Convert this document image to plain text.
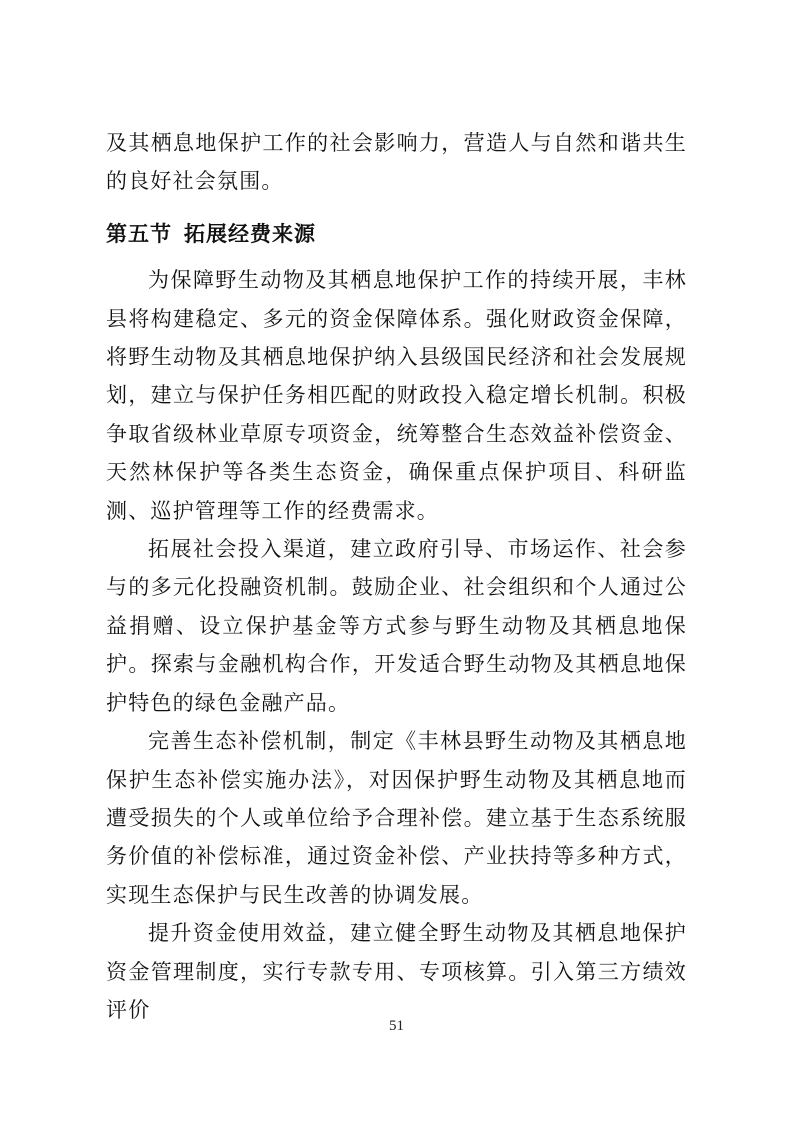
及其栖息地保护工作的社会影响力，营造人与自然和谐共生的良好社会氛围。

第五节 拓展经费来源

为保障野生动物及其栖息地保护工作的持续开展，丰林县将构建稳定、多元的资金保障体系。强化财政资金保障，将野生动物及其栖息地保护纳入县级国民经济和社会发展规划，建立与保护任务相匹配的财政投入稳定增长机制。积极争取省级林业草原专项资金，统筹整合生态效益补偿资金、天然林保护等各类生态资金，确保重点保护项目、科研监测、巡护管理等工作的经费需求。

拓展社会投入渠道，建立政府引导、市场运作、社会参与的多元化投融资机制。鼓励企业、社会组织和个人通过公益捐赠、设立保护基金等方式参与野生动物及其栖息地保护。探索与金融机构合作，开发适合野生动物及其栖息地保护特色的绿色金融产品。

完善生态补偿机制，制定《丰林县野生动物及其栖息地保护生态补偿实施办法》，对因保护野生动物及其栖息地而遭受损失的个人或单位给予合理补偿。建立基于生态系统服务价值的补偿标准，通过资金补偿、产业扶持等多种方式，实现生态保护与民生改善的协调发展。

提升资金使用效益，建立健全野生动物及其栖息地保护资金管理制度，实行专款专用、专项核算。引入第三方绩效评价

51
